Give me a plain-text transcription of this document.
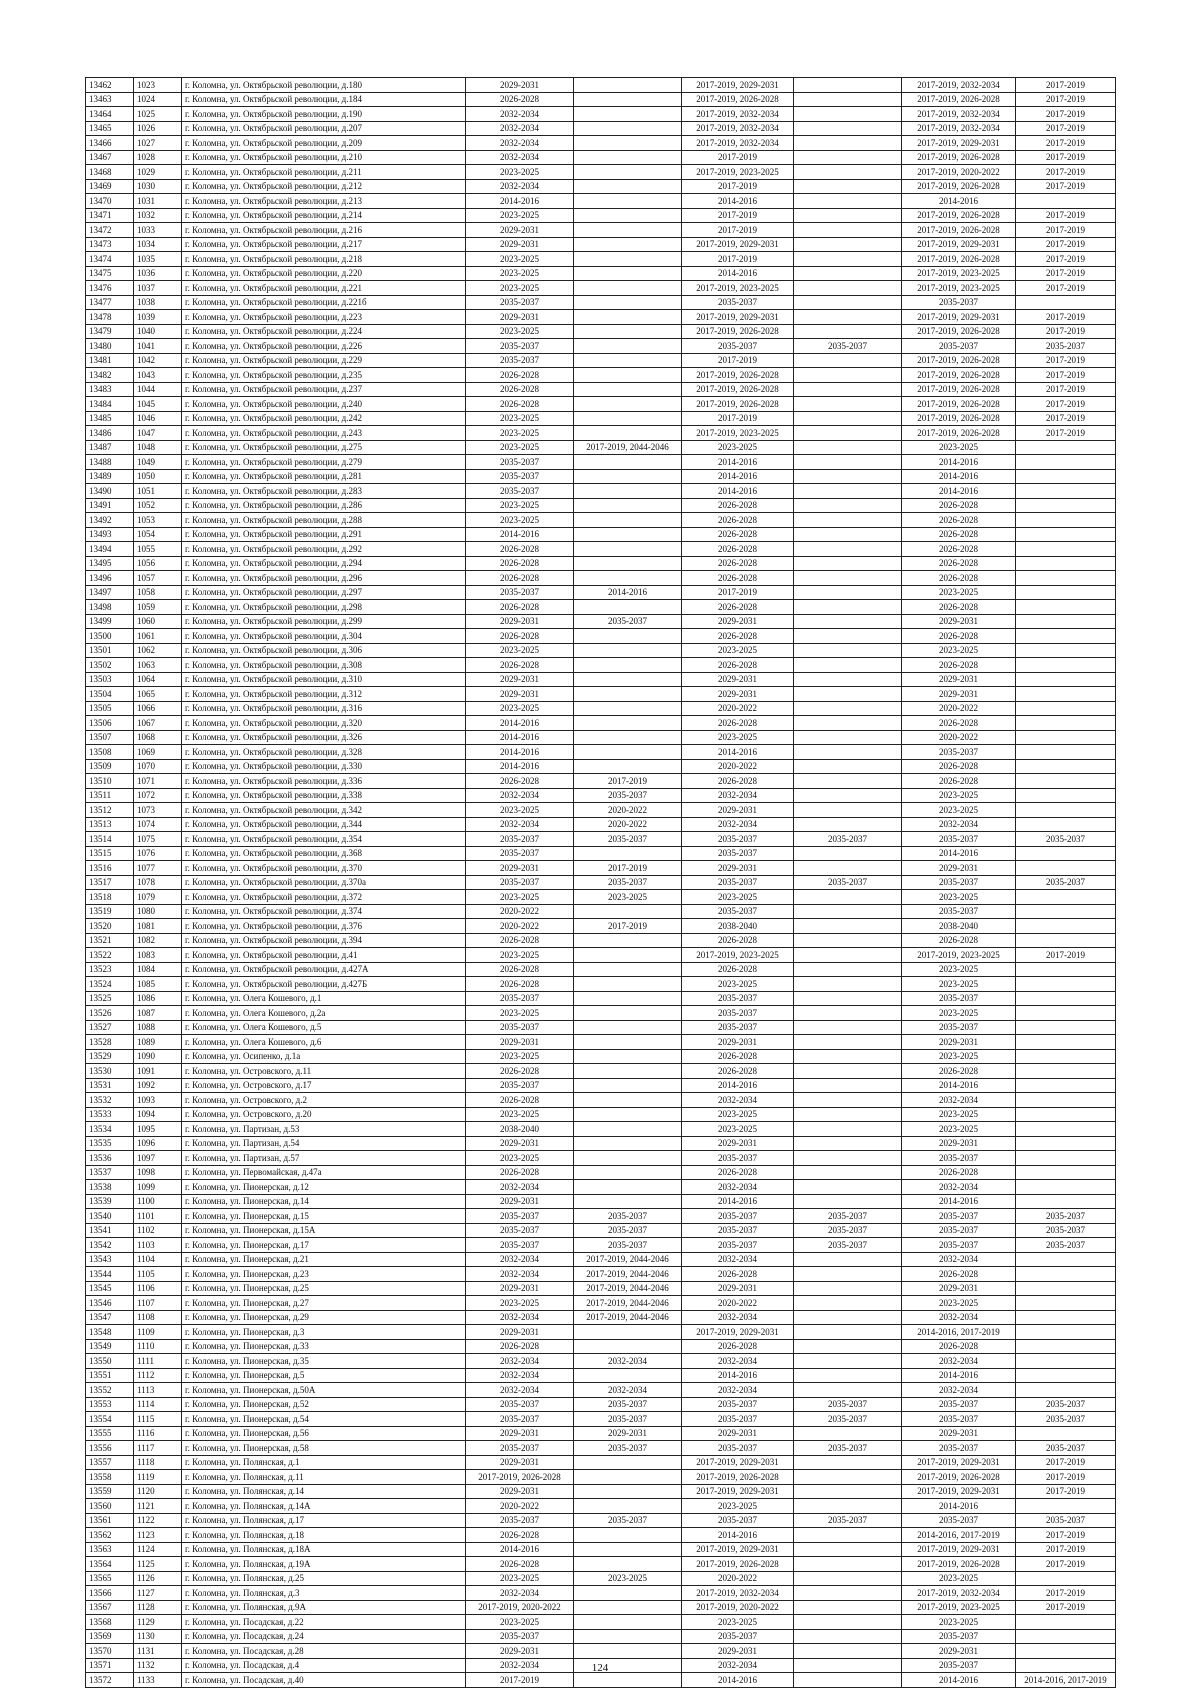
13462	1023	г. Коломна, ул. Октябрьской революции, д.180	2029-2031		2017-2019, 2029-2031		2017-2019, 2032-2034	2017-2019
13463	1024	г. Коломна, ул. Октябрьской революции, д.184	2026-2028		2017-2019, 2026-2028		2017-2019, 2026-2028	2017-2019
13464	1025	г. Коломна, ул. Октябрьской революции, д.190	2032-2034		2017-2019, 2032-2034		2017-2019, 2032-2034	2017-2019
13465	1026	г. Коломна, ул. Октябрьской революции, д.207	2032-2034		2017-2019, 2032-2034		2017-2019, 2032-2034	2017-2019
13466	1027	г. Коломна, ул. Октябрьской революции, д.209	2032-2034		2017-2019, 2032-2034		2017-2019, 2029-2031	2017-2019
13467	1028	г. Коломна, ул. Октябрьской революции, д.210	2032-2034		2017-2019		2017-2019, 2026-2028	2017-2019
13468	1029	г. Коломна, ул. Октябрьской революции, д.211	2023-2025		2017-2019, 2023-2025		2017-2019, 2020-2022	2017-2019
13469	1030	г. Коломна, ул. Октябрьской революции, д.212	2032-2034		2017-2019		2017-2019, 2026-2028	2017-2019
13470	1031	г. Коломна, ул. Октябрьской революции, д.213	2014-2016		2014-2016		2014-2016	
13471	1032	г. Коломна, ул. Октябрьской революции, д.214	2023-2025		2017-2019		2017-2019, 2026-2028	2017-2019
13472	1033	г. Коломна, ул. Октябрьской революции, д.216	2029-2031		2017-2019		2017-2019, 2026-2028	2017-2019
13473	1034	г. Коломна, ул. Октябрьской революции, д.217	2029-2031		2017-2019, 2029-2031		2017-2019, 2029-2031	2017-2019
13474	1035	г. Коломна, ул. Октябрьской революции, д.218	2023-2025		2017-2019		2017-2019, 2026-2028	2017-2019
13475	1036	г. Коломна, ул. Октябрьской революции, д.220	2023-2025		2014-2016		2017-2019, 2023-2025	2017-2019
13476	1037	г. Коломна, ул. Октябрьской революции, д.221	2023-2025		2017-2019, 2023-2025		2017-2019, 2023-2025	2017-2019
13477	1038	г. Коломна, ул. Октябрьской революции, д.221б	2035-2037		2035-2037		2035-2037	
13478	1039	г. Коломна, ул. Октябрьской революции, д.223	2029-2031		2017-2019, 2029-2031		2017-2019, 2029-2031	2017-2019
13479	1040	г. Коломна, ул. Октябрьской революции, д.224	2023-2025		2017-2019, 2026-2028		2017-2019, 2026-2028	2017-2019
13480	1041	г. Коломна, ул. Октябрьской революции, д.226	2035-2037		2035-2037	2035-2037	2035-2037	2035-2037
13481	1042	г. Коломна, ул. Октябрьской революции, д.229	2035-2037		2017-2019		2017-2019, 2026-2028	2017-2019
13482	1043	г. Коломна, ул. Октябрьской революции, д.235	2026-2028		2017-2019, 2026-2028		2017-2019, 2026-2028	2017-2019
13483	1044	г. Коломна, ул. Октябрьской революции, д.237	2026-2028		2017-2019, 2026-2028		2017-2019, 2026-2028	2017-2019
13484	1045	г. Коломна, ул. Октябрьской революции, д.240	2026-2028		2017-2019, 2026-2028		2017-2019, 2026-2028	2017-2019
13485	1046	г. Коломна, ул. Октябрьской революции, д.242	2023-2025		2017-2019		2017-2019, 2026-2028	2017-2019
13486	1047	г. Коломна, ул. Октябрьской революции, д.243	2023-2025		2017-2019, 2023-2025		2017-2019, 2026-2028	2017-2019
13487	1048	г. Коломна, ул. Октябрьской революции, д.275	2023-2025	2017-2019, 2044-2046	2023-2025		2023-2025	
13488	1049	г. Коломна, ул. Октябрьской революции, д.279	2035-2037		2014-2016		2014-2016	
13489	1050	г. Коломна, ул. Октябрьской революции, д.281	2035-2037		2014-2016		2014-2016	
13490	1051	г. Коломна, ул. Октябрьской революции, д.283	2035-2037		2014-2016		2014-2016	
13491	1052	г. Коломна, ул. Октябрьской революции, д.286	2023-2025		2026-2028		2026-2028	
13492	1053	г. Коломна, ул. Октябрьской революции, д.288	2023-2025		2026-2028		2026-2028	
13493	1054	г. Коломна, ул. Октябрьской революции, д.291	2014-2016		2026-2028		2026-2028	
13494	1055	г. Коломна, ул. Октябрьской революции, д.292	2026-2028		2026-2028		2026-2028	
13495	1056	г. Коломна, ул. Октябрьской революции, д.294	2026-2028		2026-2028		2026-2028	
13496	1057	г. Коломна, ул. Октябрьской революции, д.296	2026-2028		2026-2028		2026-2028	
13497	1058	г. Коломна, ул. Октябрьской революции, д.297	2035-2037	2014-2016	2017-2019		2023-2025	
13498	1059	г. Коломна, ул. Октябрьской революции, д.298	2026-2028		2026-2028		2026-2028	
13499	1060	г. Коломна, ул. Октябрьской революции, д.299	2029-2031	2035-2037	2029-2031		2029-2031	
13500	1061	г. Коломна, ул. Октябрьской революции, д.304	2026-2028		2026-2028		2026-2028	
13501	1062	г. Коломна, ул. Октябрьской революции, д.306	2023-2025		2023-2025		2023-2025	
13502	1063	г. Коломна, ул. Октябрьской революции, д.308	2026-2028		2026-2028		2026-2028	
13503	1064	г. Коломна, ул. Октябрьской революции, д.310	2029-2031		2029-2031		2029-2031	
13504	1065	г. Коломна, ул. Октябрьской революции, д.312	2029-2031		2029-2031		2029-2031	
13505	1066	г. Коломна, ул. Октябрьской революции, д.316	2023-2025		2020-2022		2020-2022	
13506	1067	г. Коломна, ул. Октябрьской революции, д.320	2014-2016		2026-2028		2026-2028	
13507	1068	г. Коломна, ул. Октябрьской революции, д.326	2014-2016		2023-2025		2020-2022	
13508	1069	г. Коломна, ул. Октябрьской революции, д.328	2014-2016		2014-2016		2035-2037	
13509	1070	г. Коломна, ул. Октябрьской революции, д.330	2014-2016		2020-2022		2026-2028	
13510	1071	г. Коломна, ул. Октябрьской революции, д.336	2026-2028	2017-2019	2026-2028		2026-2028	
13511	1072	г. Коломна, ул. Октябрьской революции, д.338	2032-2034	2035-2037	2032-2034		2023-2025	
13512	1073	г. Коломна, ул. Октябрьской революции, д.342	2023-2025	2020-2022	2029-2031		2023-2025	
13513	1074	г. Коломна, ул. Октябрьской революции, д.344	2032-2034	2020-2022	2032-2034		2032-2034	
13514	1075	г. Коломна, ул. Октябрьской революции, д.354	2035-2037	2035-2037	2035-2037	2035-2037	2035-2037	2035-2037
13515	1076	г. Коломна, ул. Октябрьской революции, д.368	2035-2037		2035-2037		2014-2016	
13516	1077	г. Коломна, ул. Октябрьской революции, д.370	2029-2031	2017-2019	2029-2031		2029-2031	
13517	1078	г. Коломна, ул. Октябрьской революции, д.370а	2035-2037	2035-2037	2035-2037	2035-2037	2035-2037	2035-2037
13518	1079	г. Коломна, ул. Октябрьской революции, д.372	2023-2025	2023-2025	2023-2025		2023-2025	
13519	1080	г. Коломна, ул. Октябрьской революции, д.374	2020-2022		2035-2037		2035-2037	
13520	1081	г. Коломна, ул. Октябрьской революции, д.376	2020-2022	2017-2019	2038-2040		2038-2040	
13521	1082	г. Коломна, ул. Октябрьской революции, д.394	2026-2028		2026-2028		2026-2028	
13522	1083	г. Коломна, ул. Октябрьской революции, д.41	2023-2025		2017-2019, 2023-2025		2017-2019, 2023-2025	2017-2019
13523	1084	г. Коломна, ул. Октябрьской революции, д.427А	2026-2028		2026-2028		2023-2025	
13524	1085	г. Коломна, ул. Октябрьской революции, д.427Б	2026-2028		2023-2025		2023-2025	
13525	1086	г. Коломна, ул. Олега Кошевого, д.1	2035-2037		2035-2037		2035-2037	
13526	1087	г. Коломна, ул. Олега Кошевого, д.2а	2023-2025		2035-2037		2023-2025	
13527	1088	г. Коломна, ул. Олега Кошевого, д.5	2035-2037		2035-2037		2035-2037	
13528	1089	г. Коломна, ул. Олега Кошевого, д.6	2029-2031		2029-2031		2029-2031	
13529	1090	г. Коломна, ул. Осипенко, д.1а	2023-2025		2026-2028		2023-2025	
13530	1091	г. Коломна, ул. Островского, д.11	2026-2028		2026-2028		2026-2028	
13531	1092	г. Коломна, ул. Островского, д.17	2035-2037		2014-2016		2014-2016	
13532	1093	г. Коломна, ул. Островского, д.2	2026-2028		2032-2034		2032-2034	
13533	1094	г. Коломна, ул. Островского, д.20	2023-2025		2023-2025		2023-2025	
13534	1095	г. Коломна, ул. Партизан, д.53	2038-2040		2023-2025		2023-2025	
13535	1096	г. Коломна, ул. Партизан, д.54	2029-2031		2029-2031		2029-2031	
13536	1097	г. Коломна, ул. Партизан, д.57	2023-2025		2035-2037		2035-2037	
13537	1098	г. Коломна, ул. Первомайская, д.47а	2026-2028		2026-2028		2026-2028	
13538	1099	г. Коломна, ул. Пионерская, д.12	2032-2034		2032-2034		2032-2034	
13539	1100	г. Коломна, ул. Пионерская, д.14	2029-2031		2014-2016		2014-2016	
13540	1101	г. Коломна, ул. Пионерская, д.15	2035-2037	2035-2037	2035-2037	2035-2037	2035-2037	2035-2037
13541	1102	г. Коломна, ул. Пионерская, д.15А	2035-2037	2035-2037	2035-2037	2035-2037	2035-2037	2035-2037
13542	1103	г. Коломна, ул. Пионерская, д.17	2035-2037	2035-2037	2035-2037	2035-2037	2035-2037	2035-2037
13543	1104	г. Коломна, ул. Пионерская, д.21	2032-2034	2017-2019, 2044-2046	2032-2034		2032-2034	
13544	1105	г. Коломна, ул. Пионерская, д.23	2032-2034	2017-2019, 2044-2046	2026-2028		2026-2028	
13545	1106	г. Коломна, ул. Пионерская, д.25	2029-2031	2017-2019, 2044-2046	2029-2031		2029-2031	
13546	1107	г. Коломна, ул. Пионерская, д.27	2023-2025	2017-2019, 2044-2046	2020-2022		2023-2025	
13547	1108	г. Коломна, ул. Пионерская, д.29	2032-2034	2017-2019, 2044-2046	2032-2034		2032-2034	
13548	1109	г. Коломна, ул. Пионерская, д.3	2029-2031		2017-2019, 2029-2031		2014-2016, 2017-2019	
13549	1110	г. Коломна, ул. Пионерская, д.33	2026-2028		2026-2028		2026-2028	
13550	1111	г. Коломна, ул. Пионерская, д.35	2032-2034	2032-2034	2032-2034		2032-2034	
13551	1112	г. Коломна, ул. Пионерская, д.5	2032-2034		2014-2016		2014-2016	
13552	1113	г. Коломна, ул. Пионерская, д.50А	2032-2034	2032-2034	2032-2034		2032-2034	
13553	1114	г. Коломна, ул. Пионерская, д.52	2035-2037	2035-2037	2035-2037	2035-2037	2035-2037	2035-2037
13554	1115	г. Коломна, ул. Пионерская, д.54	2035-2037	2035-2037	2035-2037	2035-2037	2035-2037	2035-2037
13555	1116	г. Коломна, ул. Пионерская, д.56	2029-2031	2029-2031	2029-2031		2029-2031	
13556	1117	г. Коломна, ул. Пионерская, д.58	2035-2037	2035-2037	2035-2037	2035-2037	2035-2037	2035-2037
13557	1118	г. Коломна, ул. Полянская, д.1	2029-2031		2017-2019, 2029-2031		2017-2019, 2029-2031	2017-2019
13558	1119	г. Коломна, ул. Полянская, д.11	2017-2019, 2026-2028		2017-2019, 2026-2028		2017-2019, 2026-2028	2017-2019
13559	1120	г. Коломна, ул. Полянская, д.14	2029-2031		2017-2019, 2029-2031		2017-2019, 2029-2031	2017-2019
13560	1121	г. Коломна, ул. Полянская, д.14А	2020-2022		2023-2025		2014-2016	
13561	1122	г. Коломна, ул. Полянская, д.17	2035-2037	2035-2037	2035-2037	2035-2037	2035-2037	2035-2037
13562	1123	г. Коломна, ул. Полянская, д.18	2026-2028		2014-2016		2014-2016, 2017-2019	2017-2019
13563	1124	г. Коломна, ул. Полянская, д.18А	2014-2016		2017-2019, 2029-2031		2017-2019, 2029-2031	2017-2019
13564	1125	г. Коломна, ул. Полянская, д.19А	2026-2028		2017-2019, 2026-2028		2017-2019, 2026-2028	2017-2019
13565	1126	г. Коломна, ул. Полянская, д.25	2023-2025	2023-2025	2020-2022		2023-2025	
13566	1127	г. Коломна, ул. Полянская, д.3	2032-2034		2017-2019, 2032-2034		2017-2019, 2032-2034	2017-2019
13567	1128	г. Коломна, ул. Полянская, д.9А	2017-2019, 2020-2022		2017-2019, 2020-2022		2017-2019, 2023-2025	2017-2019
13568	1129	г. Коломна, ул. Посадская, д.22	2023-2025		2023-2025		2023-2025	
13569	1130	г. Коломна, ул. Посадская, д.24	2035-2037		2035-2037		2035-2037	
13570	1131	г. Коломна, ул. Посадская, д.28	2029-2031		2029-2031		2029-2031	
13571	1132	г. Коломна, ул. Посадская, д.4	2032-2034		2032-2034		2035-2037	
13572	1133	г. Коломна, ул. Посадская, д.40	2017-2019		2014-2016		2014-2016	2014-2016, 2017-2019
124
